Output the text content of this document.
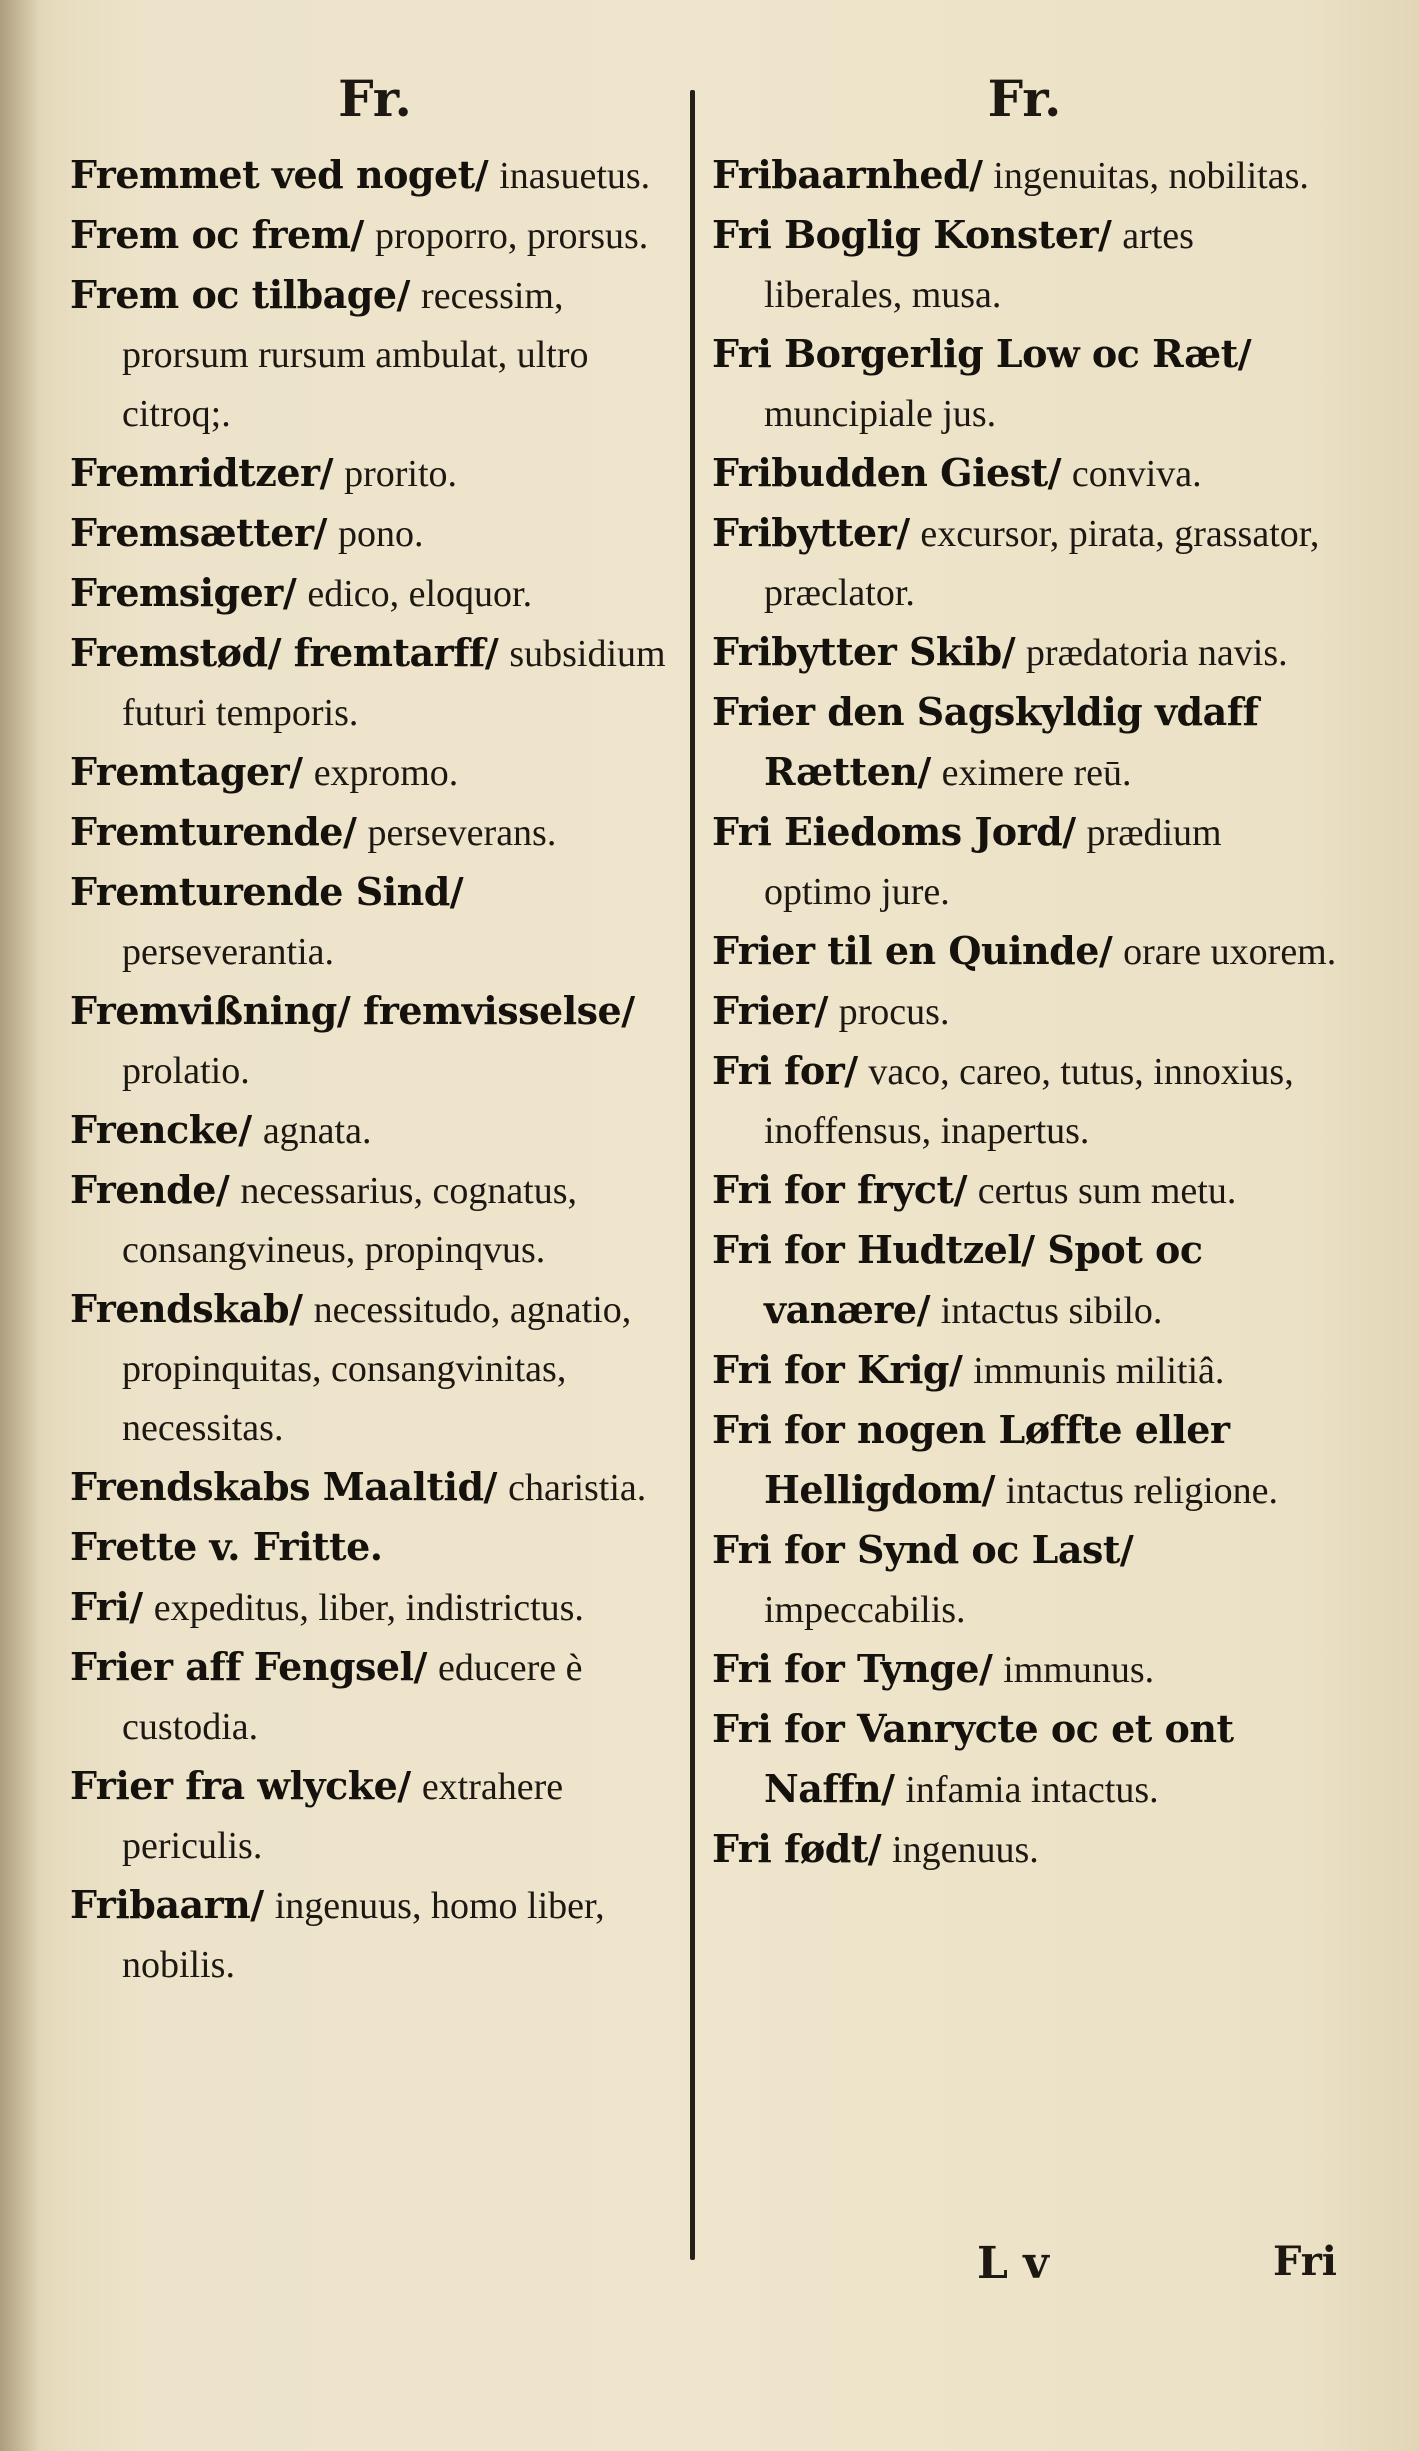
Fr.
Fremmet ved noget/ inasuetus.
Frem oc frem/ proporro, prorsus.
Frem oc tilbage/ recessim, prorsum rursum ambulat, ultro citroq;.
Fremridtzer/ prorito.
Fremsætter/ pono.
Fremsiger/ edico, eloquor.
Fremstød/ fremtarff/ subsidium futuri temporis.
Fremtager/ expromo.
Fremturende/ perseverans.
Fremturende Sind/ perseverantia.
Fremvißning/ fremvisselse/ prolatio.
Frencke/ agnata.
Frende/ necessarius, cognatus, consangvineus, propinqvus.
Frendskab/ necessitudo, agnatio, propinquitas, consangvinitas, necessitas.
Frendskabs Maaltid/ charistia.
Frette v. Fritte.
Fri/ expeditus, liber, indistrictus.
Frier aff Fengsel/ educere è custodia.
Frier fra wlycke/ extrahere periculis.
Fribaarn/ ingenuus, homo liber, nobilis.
Fr.
Fribaarnhed/ ingenuitas, nobilitas.
Fri Boglig Konster/ artes liberales, musa.
Fri Borgerlig Low oc Ræt/ muncipiale jus.
Fribudden Giest/ conviva.
Fribytter/ excursor, pirata, grassator, præclator.
Fribytter Skib/ prædatoria navis.
Frier den Sagskyldig vdaff Rætten/ eximere reū.
Fri Eiedoms Jord/ prædium optimo jure.
Frier til en Quinde/ orare uxorem.
Frier/ procus.
Fri for/ vaco, careo, tutus, innoxius, inoffensus, inapertus.
Fri for fryct/ certus sum metu.
Fri for Hudtzel/ Spot oc vanære/ intactus sibilo.
Fri for Krig/ immunis militiâ.
Fri for nogen Løffte eller Helligdom/ intactus religione.
Fri for Synd oc Last/ impeccabilis.
Fri for Tynge/ immunus.
Fri for Vanrycte oc et ont Naffn/ infamia intactus.
Fri født/ ingenuus.
L v	Fri
